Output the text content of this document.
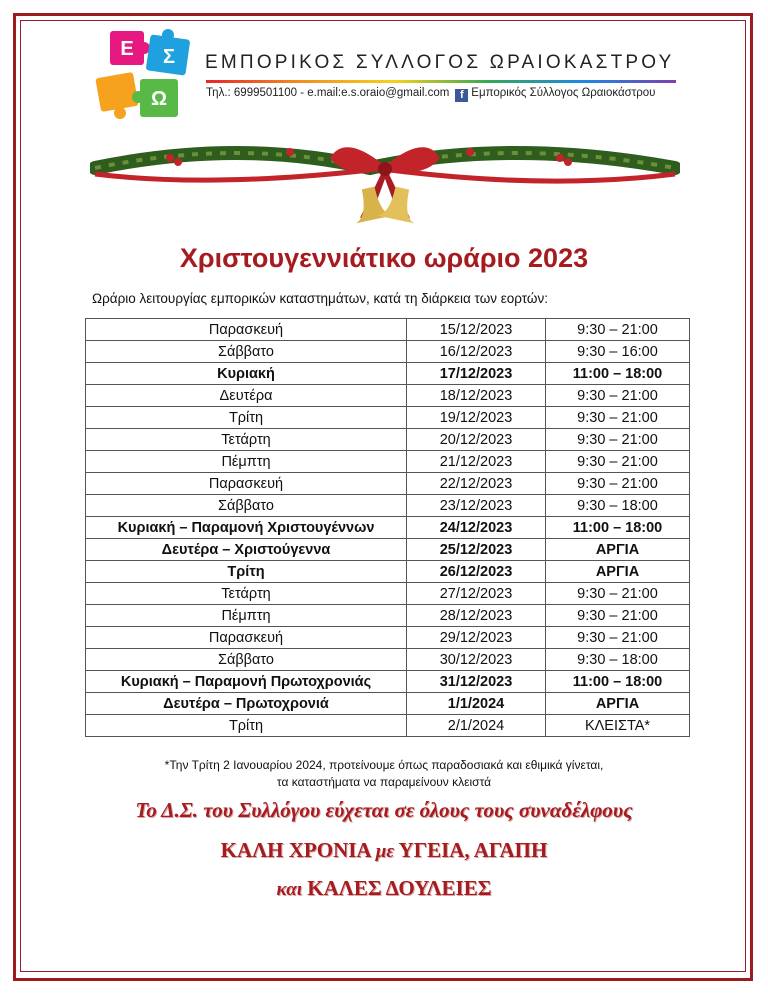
Ε Σ
Ω
ΕΜΠΟΡΙΚΟΣ ΣΥΛΛΟΓΟΣ ΩΡΑΙΟΚΑΣΤΡΟΥ
Τηλ.: 6999501100 - e.mail:e.s.oraio@gmail.com f Εμπορικός Σύλλογος Ωραιοκάστρου
Χριστουγεννιάτικο ωράριο 2023
Ωράριο λειτουργίας εμπορικών καταστημάτων, κατά τη διάρκεια των εορτών:
Παρασκευή	15/12/2023	9:30 – 21:00
Σάββατο	16/12/2023	9:30 – 16:00
Κυριακή	17/12/2023	11:00 – 18:00
Δευτέρα	18/12/2023	9:30 – 21:00
Τρίτη	19/12/2023	9:30 – 21:00
Τετάρτη	20/12/2023	9:30 – 21:00
Πέμπτη	21/12/2023	9:30 – 21:00
Παρασκευή	22/12/2023	9:30 – 21:00
Σάββατο	23/12/2023	9:30 – 18:00
Κυριακή – Παραμονή Χριστουγέννων	24/12/2023	11:00 – 18:00
Δευτέρα – Χριστούγεννα	25/12/2023	ΑΡΓΙΑ
Τρίτη	26/12/2023	ΑΡΓΙΑ
Τετάρτη	27/12/2023	9:30 – 21:00
Πέμπτη	28/12/2023	9:30 – 21:00
Παρασκευή	29/12/2023	9:30 – 21:00
Σάββατο	30/12/2023	9:30 – 18:00
Κυριακή – Παραμονή Πρωτοχρονιάς	31/12/2023	11:00 – 18:00
Δευτέρα – Πρωτοχρονιά	1/1/2024	ΑΡΓΙΑ
Τρίτη	2/1/2024	ΚΛΕΙΣΤΑ*
*Την Τρίτη 2 Ιανουαρίου 2024, προτείνουμε όπως παραδοσιακά και εθιμικά γίνεται,
τα καταστήματα να παραμείνουν κλειστά
Το Δ.Σ. του Συλλόγου εύχεται σε όλους τους συναδέλφους
ΚΑΛΗ ΧΡΟΝΙΑ με ΥΓΕΙΑ, ΑΓΑΠΗ
και ΚΑΛΕΣ ΔΟΥΛΕΙΕΣ
